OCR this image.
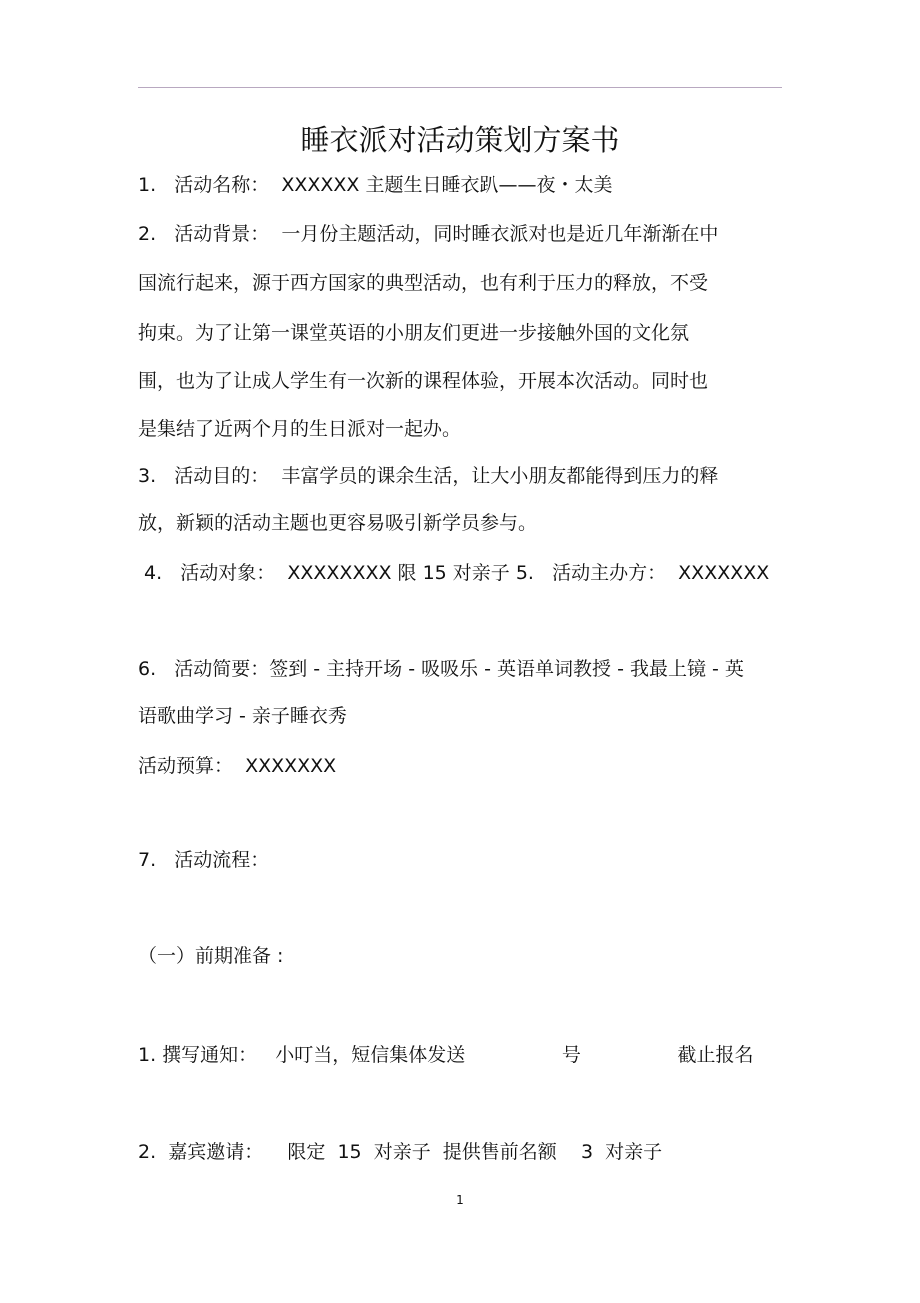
睡衣派对活动策划方案书
1.   活动名称：  XXXXXX 主题生日睡衣趴——夜・太美
2.   活动背景：  一月份主题活动，同时睡衣派对也是近几年渐渐在中
国流行起来，源于西方国家的典型活动，也有利于压力的释放，不受
拘束。为了让第一课堂英语的小朋友们更进一步接触外国的文化氛
围，也为了让成人学生有一次新的课程体验，开展本次活动。同时也
是集结了近两个月的生日派对一起办。
3.   活动目的：  丰富学员的课余生活，让大小朋友都能得到压力的释
放，新颖的活动主题也更容易吸引新学员参与。
4.   活动对象：  XXXXXXXX 限 15 对亲子 5.   活动主办方：  XXXXXXX
6.   活动简要：签到 - 主持开场 - 吸吸乐 - 英语单词教授 - 我最上镜 - 英
语歌曲学习 - 亲子睡衣秀
活动预算：  XXXXXXX
7.   活动流程：
（一）前期准备 :
1. 撰写通知：   小叮当，短信集体发送                号                截止报名
2.  嘉宾邀请：    限定  15  对亲子  提供售前名额    3  对亲子
1
